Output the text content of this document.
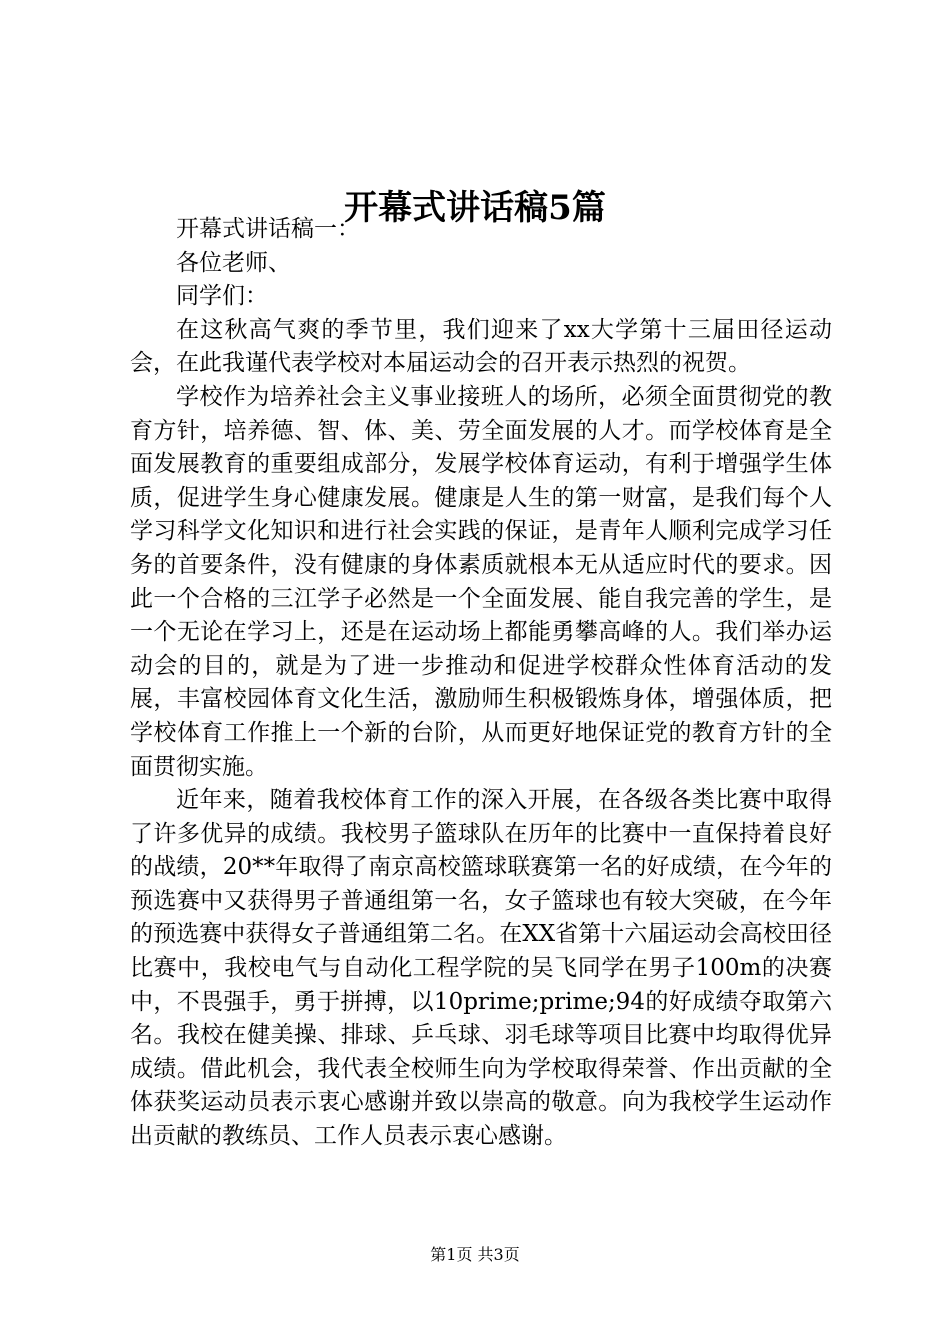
开幕式讲话稿5篇

开幕式讲话稿一：

各位老师、

同学们：

在这秋高气爽的季节里，我们迎来了xx大学第十三届田径运动会，在此我谨代表学校对本届运动会的召开表示热烈的祝贺。

学校作为培养社会主义事业接班人的场所，必须全面贯彻党的教育方针，培养德、智、体、美、劳全面发展的人才。而学校体育是全面发展教育的重要组成部分，发展学校体育运动，有利于增强学生体质，促进学生身心健康发展。健康是人生的第一财富，是我们每个人学习科学文化知识和进行社会实践的保证，是青年人顺利完成学习任务的首要条件，没有健康的身体素质就根本无从适应时代的要求。因此一个合格的三江学子必然是一个全面发展、能自我完善的学生，是一个无论在学习上，还是在运动场上都能勇攀高峰的人。我们举办运动会的目的，就是为了进一步推动和促进学校群众性体育活动的发展，丰富校园体育文化生活，激励师生积极锻炼身体，增强体质，把学校体育工作推上一个新的台阶，从而更好地保证党的教育方针的全面贯彻实施。

近年来，随着我校体育工作的深入开展，在各级各类比赛中取得了许多优异的成绩。我校男子篮球队在历年的比赛中一直保持着良好的战绩，20**年取得了南京高校篮球联赛第一名的好成绩，在今年的预选赛中又获得男子普通组第一名，女子篮球也有较大突破，在今年的预选赛中获得女子普通组第二名。在XX省第十六届运动会高校田径比赛中，我校电气与自动化工程学院的吴飞同学在男子100m的决赛中，不畏强手，勇于拼搏，以10prime;prime;94的好成绩夺取第六名。我校在健美操、排球、乒乓球、羽毛球等项目比赛中均取得优异成绩。借此机会，我代表全校师生向为学校取得荣誉、作出贡献的全体获奖运动员表示衷心感谢并致以崇高的敬意。向为我校学生运动作出贡献的教练员、工作人员表示衷心感谢。

第1页 共3页
